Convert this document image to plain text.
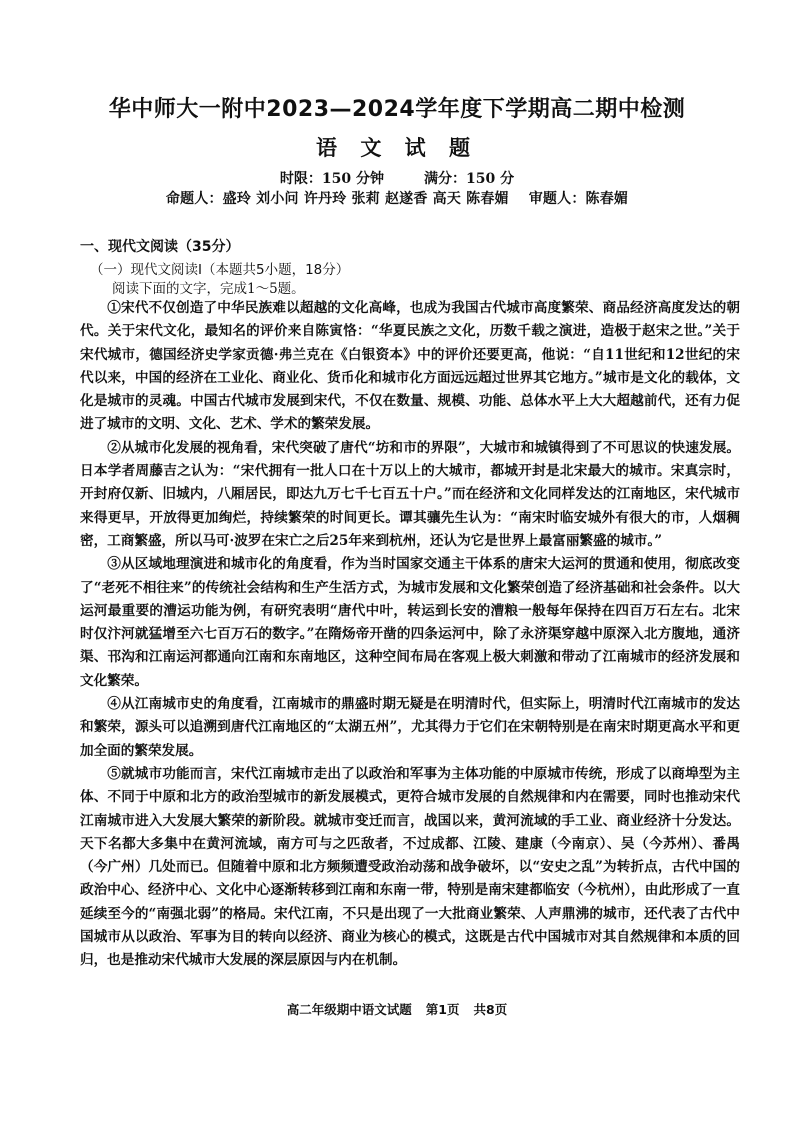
华中师大一附中2023—2024学年度下学期高二期中检测
语 文 试 题
时限：150 分钟	满分：150 分
命题人：盛玲 刘小问 许丹玲 张莉 赵遂香 高天 陈春媚 审题人：陈春媚
一、现代文阅读（35分）
（一）现代文阅读Ⅰ（本题共5小题，18分）
阅读下面的文字，完成1～5题。

①宋代不仅创造了中华民族难以超越的文化高峰，也成为我国古代城市高度繁荣、商品经济高度发达的朝代。关于宋代文化，最知名的评价来自陈寅恪：“华夏民族之文化，历数千载之演进，造极于赵宋之世。”关于宋代城市，德国经济史学家贡德·弗兰克在《白银资本》中的评价还要更高，他说：“自11世纪和12世纪的宋代以来，中国的经济在工业化、商业化、货币化和城市化方面远远超过世界其它地方。”城市是文化的载体，文化是城市的灵魂。中国古代城市发展到宋代，不仅在数量、规模、功能、总体水平上大大超越前代，还有力促进了城市的文明、文化、艺术、学术的繁荣发展。

②从城市化发展的视角看，宋代突破了唐代“坊和市的界限”，大城市和城镇得到了不可思议的快速发展。日本学者周藤吉之认为：“宋代拥有一批人口在十万以上的大城市，都城开封是北宋最大的城市。宋真宗时，开封府仅新、旧城内，八厢居民，即达九万七千七百五十户。”而在经济和文化同样发达的江南地区，宋代城市来得更早，开放得更加绚烂，持续繁荣的时间更长。谭其骧先生认为：“南宋时临安城外有很大的市，人烟稠密，工商繁盛，所以马可·波罗在宋亡之后25年来到杭州，还认为它是世界上最富丽繁盛的城市。”

③从区域地理演进和城市化的角度看，作为当时国家交通主干体系的唐宋大运河的贯通和使用，彻底改变了“老死不相往来”的传统社会结构和生产生活方式，为城市发展和文化繁荣创造了经济基础和社会条件。以大运河最重要的漕运功能为例，有研究表明“唐代中叶，转运到长安的漕粮一般每年保持在四百万石左右。北宋时仅汴河就猛增至六七百万石的数字。”在隋炀帝开凿的四条运河中，除了永济渠穿越中原深入北方腹地，通济渠、邗沟和江南运河都通向江南和东南地区，这种空间布局在客观上极大刺激和带动了江南城市的经济发展和文化繁荣。

④从江南城市史的角度看，江南城市的鼎盛时期无疑是在明清时代，但实际上，明清时代江南城市的发达和繁荣，源头可以追溯到唐代江南地区的“太湖五州”，尤其得力于它们在宋朝特别是在南宋时期更高水平和更加全面的繁荣发展。

⑤就城市功能而言，宋代江南城市走出了以政治和军事为主体功能的中原城市传统，形成了以商埠型为主体、不同于中原和北方的政治型城市的新发展模式，更符合城市发展的自然规律和内在需要，同时也推动宋代江南城市进入大发展大繁荣的新阶段。就城市变迁而言，战国以来，黄河流域的手工业、商业经济十分发达。天下名都大多集中在黄河流域，南方可与之匹敌者，不过成都、江陵、建康（今南京）、吴（今苏州）、番禺（今广州）几处而已。但随着中原和北方频频遭受政治动荡和战争破坏，以“安史之乱”为转折点，古代中国的政治中心、经济中心、文化中心逐渐转移到江南和东南一带，特别是南宋建都临安（今杭州），由此形成了一直延续至今的“南强北弱”的格局。宋代江南，不只是出现了一大批商业繁荣、人声鼎沸的城市，还代表了古代中国城市从以政治、军事为目的转向以经济、商业为核心的模式，这既是古代中国城市对其自然规律和本质的回归，也是推动宋代城市大发展的深层原因与内在机制。

高二年级期中语文试题 第1页 共8页
